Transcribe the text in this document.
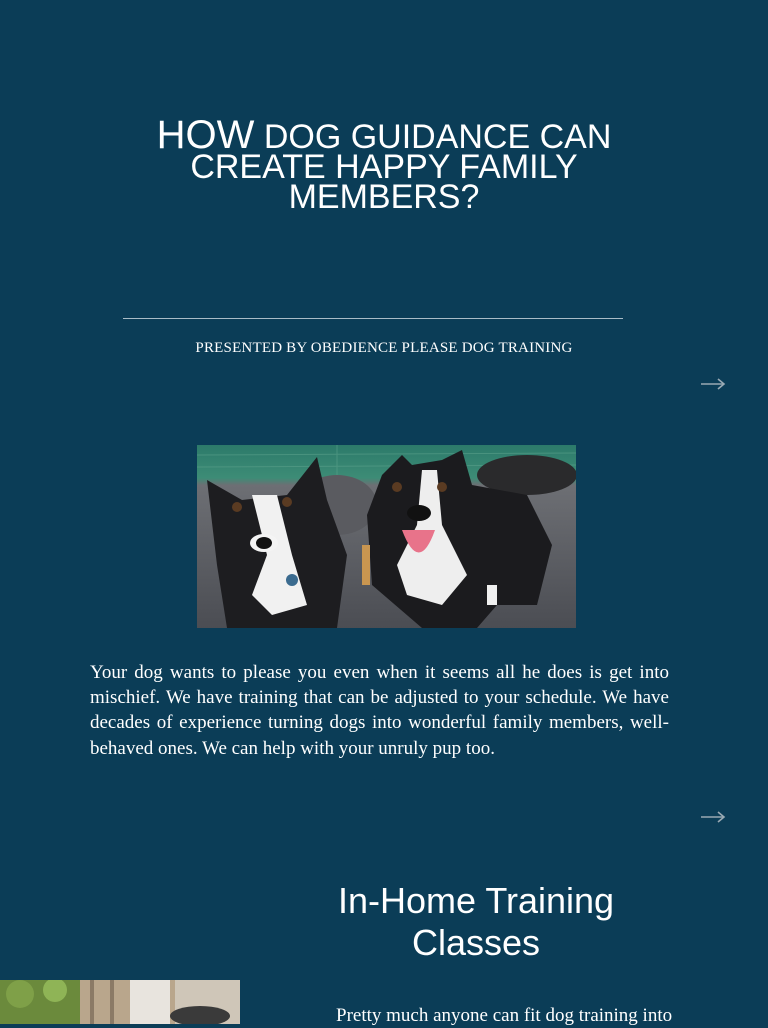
HOW DOG GUIDANCE CAN CREATE HAPPY FAMILY MEMBERS?
PRESENTED BY OBEDIENCE PLEASE DOG TRAINING
Your dog wants to please you even when it seems all he does is get into mischief. We have training that can be adjusted to your schedule. We have decades of experience turning dogs into wonderful family members, well-behaved ones. We can help with your unruly pup too.
In-Home Training Classes
Pretty much anyone can fit dog training into
